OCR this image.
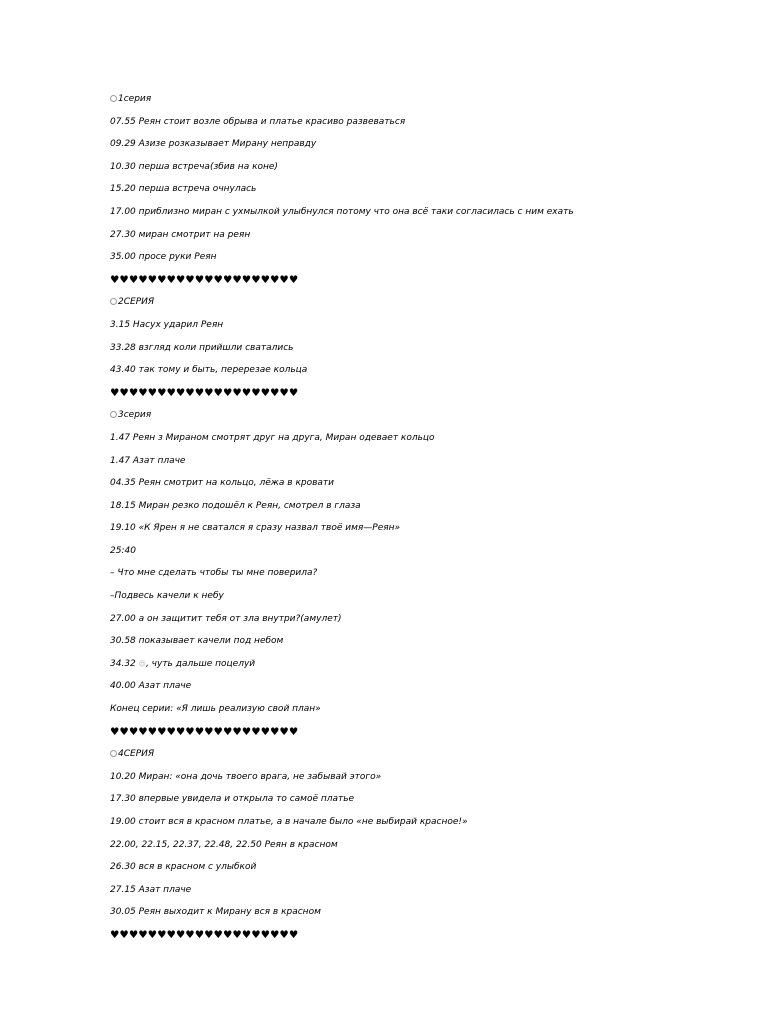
1серия
07.55 Реян стоит возле обрыва и платье красиво развеваться
09.29 Азизе розказывает Мирану неправду
10.30 перша встреча(збив на коне)
15.20 перша встреча очнулась
17.00 приблизно миран с ухмылкой улыбнулся потому что она всё таки согласилась с ним ехать
27.30 миран смотрит на реян
35.00 просе руки Реян
♥♥♥♥♥♥♥♥♥♥♥♥♥♥♥♥♥♥♥♥
2СЕРИЯ
3.15 Насух ударил Реян
33.28 взгляд коли прийшли сватались
43.40 так тому и быть, перерезае кольца
♥♥♥♥♥♥♥♥♥♥♥♥♥♥♥♥♥♥♥♥
3серия
1.47 Реян з Мираном смотрят друг на друга, Миран одевает кольцо
1.47 Азат плаче
04.35 Реян смотрит на кольцо, лёжа в кровати
18.15 Миран резко подошёл к Реян, смотрел в глаза
19.10 «К Ярен я не сватался я сразу назвал твоё имя—Реян»
25:40
– Что мне сделать чтобы ты мне поверила?
–Подвесь качели к небу
27.00 а он защитит тебя от зла внутри?(амулет)
30.58 показывает качели под небом
34.32 😍, чуть дальше поцелуй
40.00 Азат плаче
Конец серии: «Я лишь реализую свой план»
♥♥♥♥♥♥♥♥♥♥♥♥♥♥♥♥♥♥♥♥
4СЕРИЯ
10.20 Миран: «она дочь твоего врага, не забывай этого»
17.30 впервые увидела и открыла то самоё платье
19.00 стоит вся в красном платье, а в начале было «не выбирай красное!»
22.00, 22.15, 22.37, 22.48, 22.50 Реян в красном
26.30 вся в красном с улыбкой
27.15 Азат плаче
30.05 Реян выходит к Мирану вся в красном
♥♥♥♥♥♥♥♥♥♥♥♥♥♥♥♥♥♥♥♥
